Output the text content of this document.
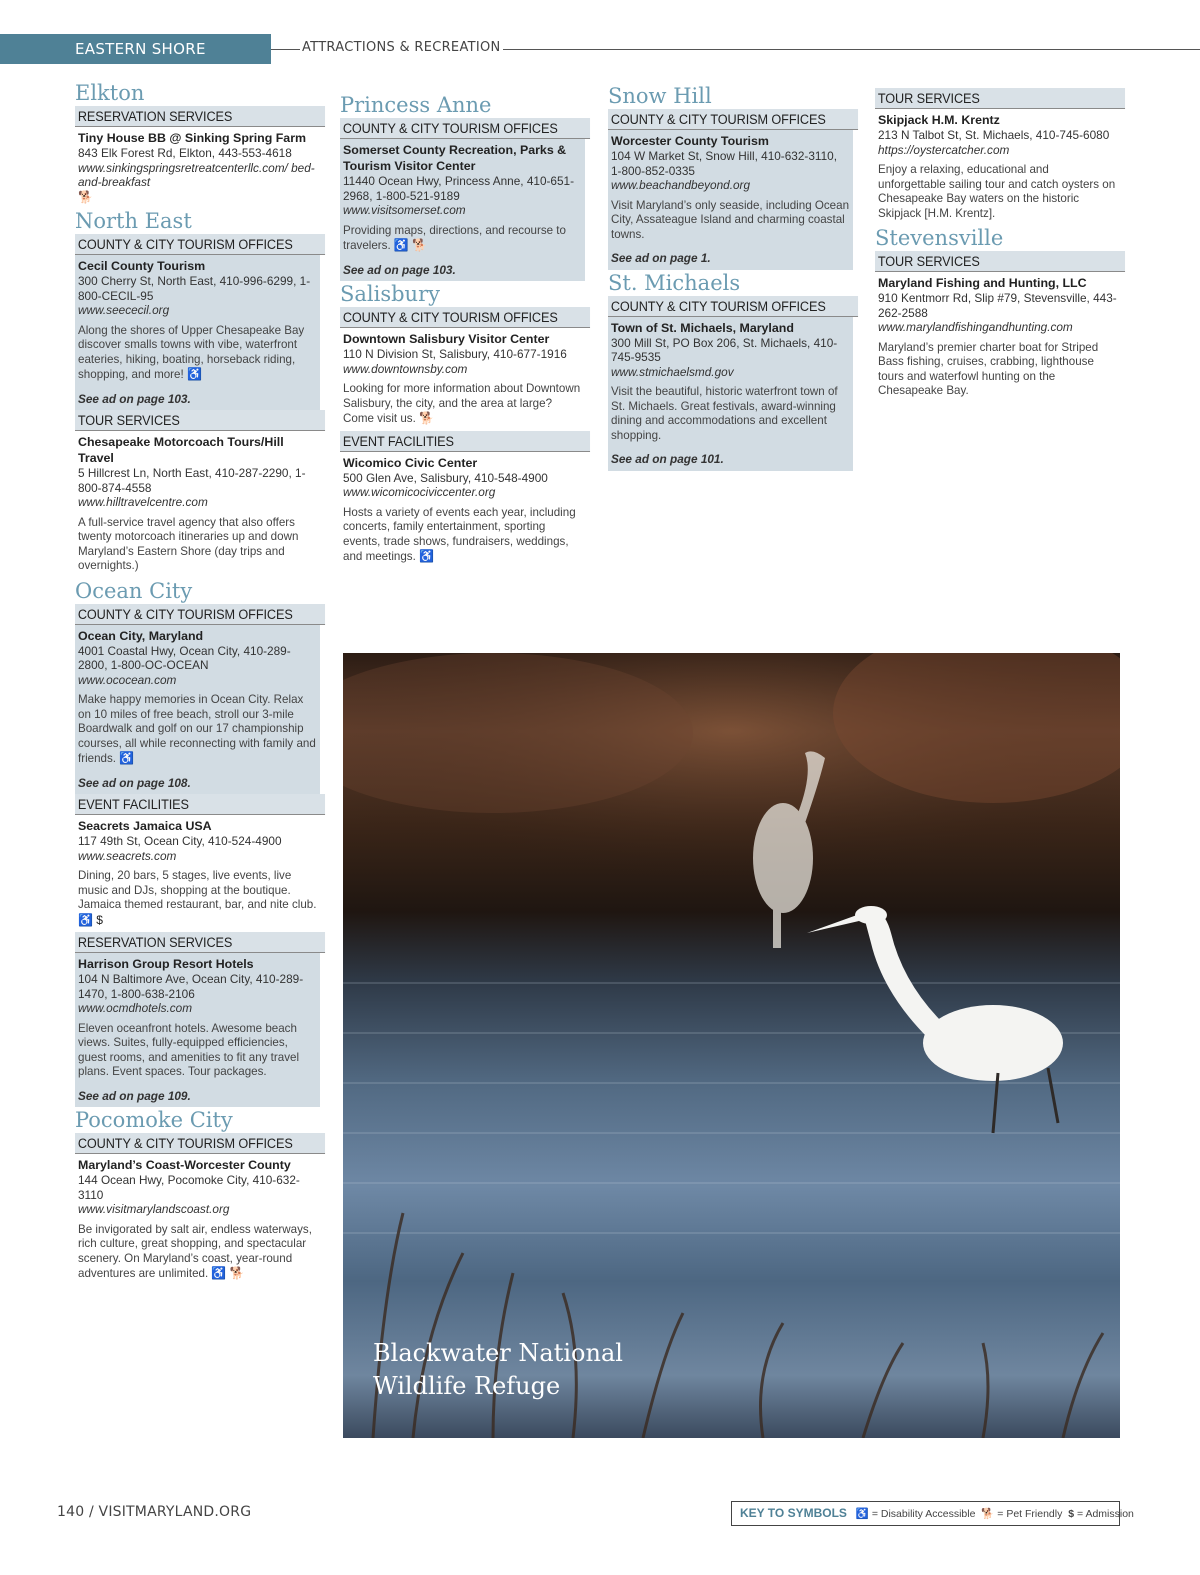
EASTERN SHORE	ATTRACTIONS & RECREATION
Elkton
RESERVATION SERVICES
Tiny House BB @ Sinking Spring Farm
843 Elk Forest Rd, Elkton, 443-553-4618
www.sinkingspringsretreatcenterllc.com/ bed-and-breakfast
🐕
North East
COUNTY & CITY TOURISM OFFICES
Cecil County Tourism
300 Cherry St, North East, 410-996-6299, 1-800-CECIL-95
www.seececil.org
Along the shores of Upper Chesapeake Bay discover smalls towns with vibe, waterfront eateries, hiking, boating, horseback riding, shopping, and more! ♿
See ad on page 103.
TOUR SERVICES
Chesapeake Motorcoach Tours/Hill Travel
5 Hillcrest Ln, North East, 410-287-2290, 1-800-874-4558
www.hilltravelcentre.com
A full-service travel agency that also offers twenty motorcoach itineraries up and down Maryland’s Eastern Shore (day trips and overnights.)
Ocean City
COUNTY & CITY TOURISM OFFICES
Ocean City, Maryland
4001 Coastal Hwy, Ocean City, 410-289-2800, 1-800-OC-OCEAN
www.ococean.com
Make happy memories in Ocean City. Relax on 10 miles of free beach, stroll our 3-mile Boardwalk and golf on our 17 championship courses, all while reconnecting with family and friends. ♿
See ad on page 108.
EVENT FACILITIES
Seacrets Jamaica USA
117 49th St, Ocean City, 410-524-4900
www.seacrets.com
Dining, 20 bars, 5 stages, live events, live music and DJs, shopping at the boutique. Jamaica themed restaurant, bar, and nite club. ♿ $
RESERVATION SERVICES
Harrison Group Resort Hotels
104 N Baltimore Ave, Ocean City, 410-289-1470, 1-800-638-2106
www.ocmdhotels.com
Eleven oceanfront hotels. Awesome beach views. Suites, fully-equipped efficiencies, guest rooms, and amenities to fit any travel plans. Event spaces. Tour packages.
See ad on page 109.
Pocomoke City
COUNTY & CITY TOURISM OFFICES
Maryland’s Coast-Worcester County
144 Ocean Hwy, Pocomoke City, 410-632-3110
www.visitmarylandscoast.org
Be invigorated by salt air, endless waterways, rich culture, great shopping, and spectacular scenery. On Maryland’s coast, year-round adventures are unlimited. ♿ 🐕
Princess Anne
COUNTY & CITY TOURISM OFFICES
Somerset County Recreation, Parks & Tourism Visitor Center
11440 Ocean Hwy, Princess Anne, 410-651-2968, 1-800-521-9189
www.visitsomerset.com
Providing maps, directions, and recourse to travelers. ♿ 🐕
See ad on page 103.
Salisbury
COUNTY & CITY TOURISM OFFICES
Downtown Salisbury Visitor Center
110 N Division St, Salisbury, 410-677-1916
www.downtownsby.com
Looking for more information about Downtown Salisbury, the city, and the area at large? Come visit us. 🐕
EVENT FACILITIES
Wicomico Civic Center
500 Glen Ave, Salisbury, 410-548-4900
www.wicomicociviccenter.org
Hosts a variety of events each year, including concerts, family entertainment, sporting events, trade shows, fundraisers, weddings, and meetings. ♿
Snow Hill
COUNTY & CITY TOURISM OFFICES
Worcester County Tourism
104 W Market St, Snow Hill, 410-632-3110, 1-800-852-0335
www.beachandbeyond.org
Visit Maryland’s only seaside, including Ocean City, Assateague Island and charming coastal towns.
See ad on page 1.
St. Michaels
COUNTY & CITY TOURISM OFFICES
Town of St. Michaels, Maryland
300 Mill St, PO Box 206, St. Michaels, 410-745-9535
www.stmichaelsmd.gov
Visit the beautiful, historic waterfront town of St. Michaels. Great festivals, award-winning dining and accommodations and excellent shopping.
See ad on page 101.
TOUR SERVICES
Skipjack H.M. Krentz
213 N Talbot St, St. Michaels, 410-745-6080
https://oystercatcher.com
Enjoy a relaxing, educational and unforgettable sailing tour and catch oysters on Chesapeake Bay waters on the historic Skipjack [H.M. Krentz].
Stevensville
TOUR SERVICES
Maryland Fishing and Hunting, LLC
910 Kentmorr Rd, Slip #79, Stevensville, 443-262-2588
www.marylandfishingandhunting.com
Maryland’s premier charter boat for Striped Bass fishing, cruises, crabbing, lighthouse tours and waterfowl hunting on the Chesapeake Bay.
Blackwater National
Wildlife Refuge
140 / VISITMARYLAND.ORG	KEY TO SYMBOLS ♿ = Disability Accessible 🐕 = Pet Friendly $ = Admission
